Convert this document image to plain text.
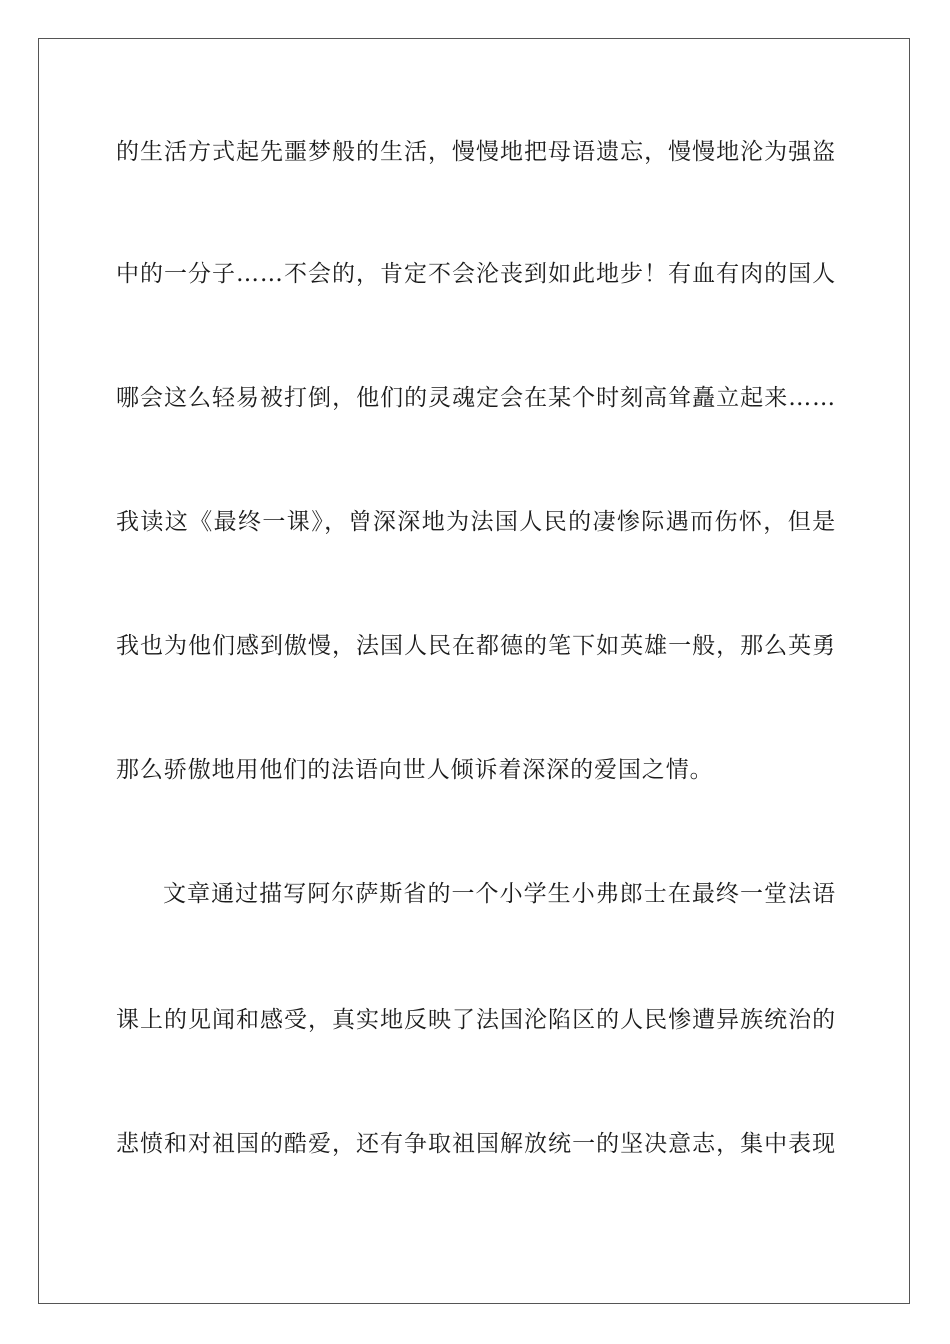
的生活方式起先噩梦般的生活，慢慢地把母语遗忘，慢慢地沦为强盗
中的一分子……不会的，肯定不会沦丧到如此地步！有血有肉的国人
哪会这么轻易被打倒，他们的灵魂定会在某个时刻高耸矗立起来……
我读这《最终一课》，曾深深地为法国人民的凄惨际遇而伤怀，但是
我也为他们感到傲慢，法国人民在都德的笔下如英雄一般，那么英勇
那么骄傲地用他们的法语向世人倾诉着深深的爱国之情。
文章通过描写阿尔萨斯省的一个小学生小弗郎士在最终一堂法语
课上的见闻和感受，真实地反映了法国沦陷区的人民惨遭异族统治的
悲愤和对祖国的酷爱，还有争取祖国解放统一的坚决意志，集中表现
